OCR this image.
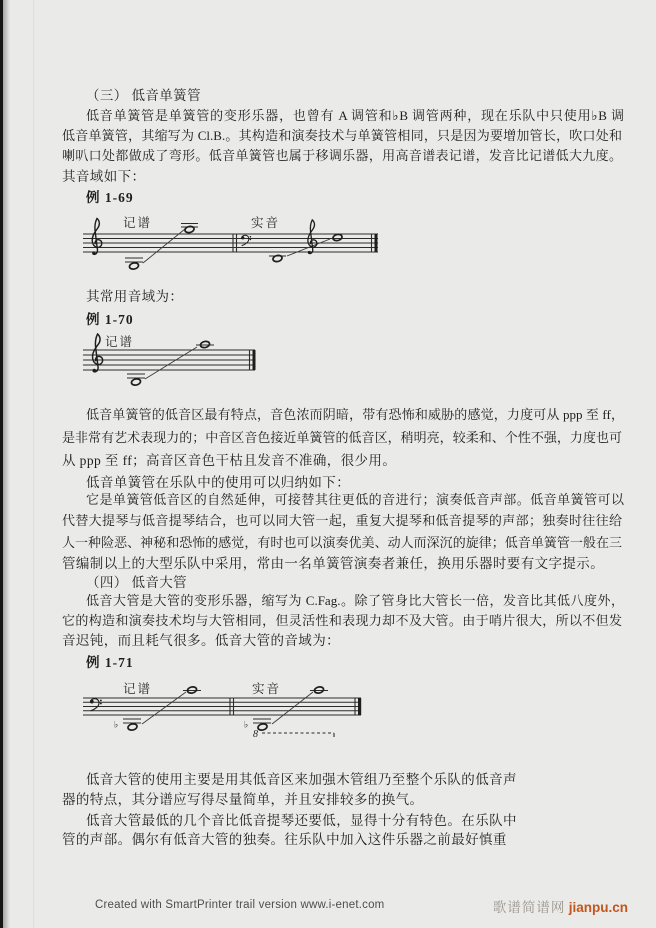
（三） 低音单簧管
低音单簧管是单簧管的变形乐器，也曾有 A 调管和♭B 调管两种，现在乐队中只使用♭B 调
低音单簧管，其缩写为 Cl.B.。其构造和演奏技术与单簧管相同，只是因为要增加管长，吹口处和
喇叭口处都做成了弯形。低音单簧管也属于移调乐器，用高音谱表记谱，发音比记谱低大九度。
其音域如下：
例 1-69
记谱	实音
其常用音域为：
例 1-70
记谱
低音单簧管的低音区最有特点，音色浓而阴暗，带有恐怖和威胁的感觉，力度可从 ppp 至 ff，
是非常有艺术表现力的；中音区音色接近单簧管的低音区，稍明亮，较柔和、个性不强，力度也可
从 ppp 至 ff；高音区音色干枯且发音不准确，很少用。
低音单簧管在乐队中的使用可以归纳如下：
它是单簧管低音区的自然延伸，可接替其往更低的音进行；演奏低音声部。低音单簧管可以
代替大提琴与低音提琴结合，也可以同大管一起，重复大提琴和低音提琴的声部；独奏时往往给
人一种险恶、神秘和恐怖的感觉，有时也可以演奏优美、动人而深沉的旋律；低音单簧管一般在三
管编制以上的大型乐队中采用，常由一名单簧管演奏者兼任，换用乐器时要有文字提示。
（四） 低音大管
低音大管是大管的变形乐器，缩写为 C.Fag.。除了管身比大管长一倍，发音比其低八度外，
它的构造和演奏技术均与大管相同，但灵活性和表现力却不及大管。由于哨片很大，所以不但发
音迟钝，而且耗气很多。低音大管的音域为：
例 1-71
记谱	实音
♭	♭
8
低音大管的使用主要是用其低音区来加强木管组乃至整个乐队的低音声
器的特点，其分谱应写得尽量简单，并且安排较多的换气。
低音大管最低的几个音比低音提琴还要低，显得十分有特色。在乐队中
管的声部。偶尔有低音大管的独奏。往乐队中加入这件乐器之前最好慎重
Created with SmartPrinter trail version www.i-enet.com	歌谱简谱网 jianpu.cn
